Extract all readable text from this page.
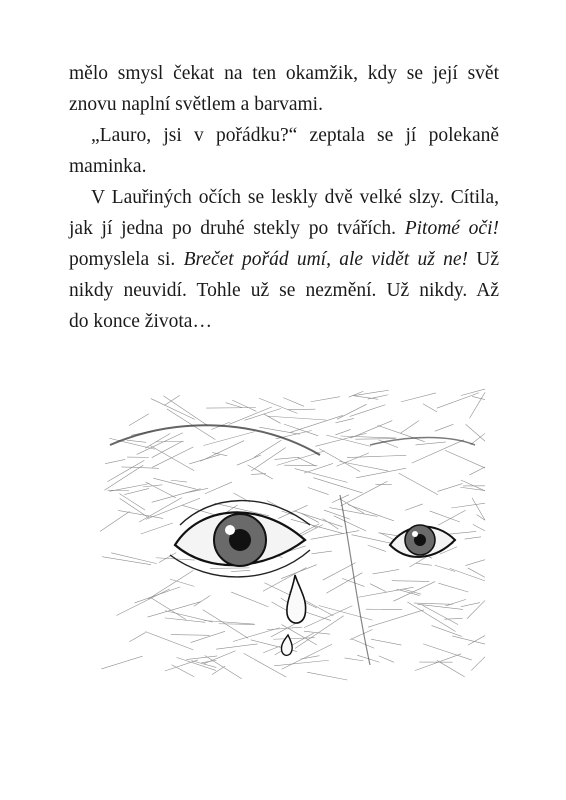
mělo smysl čekat na ten okamžik, kdy se její svět
znovu naplní světlem a barvami.

„Lauro, jsi v pořádku?“ zeptala se jí polekaně
maminka.

V Lauřiných očích se leskly dvě velké slzy. Cítila,
jak jí jedna po druhé stekly po tvářích. Pitomé oči!
pomyslela si. Brečet pořád umí, ale vidět už ne! Už
nikdy neuvidí. Tohle už se nezmění. Už nikdy. Až
do konce života…
